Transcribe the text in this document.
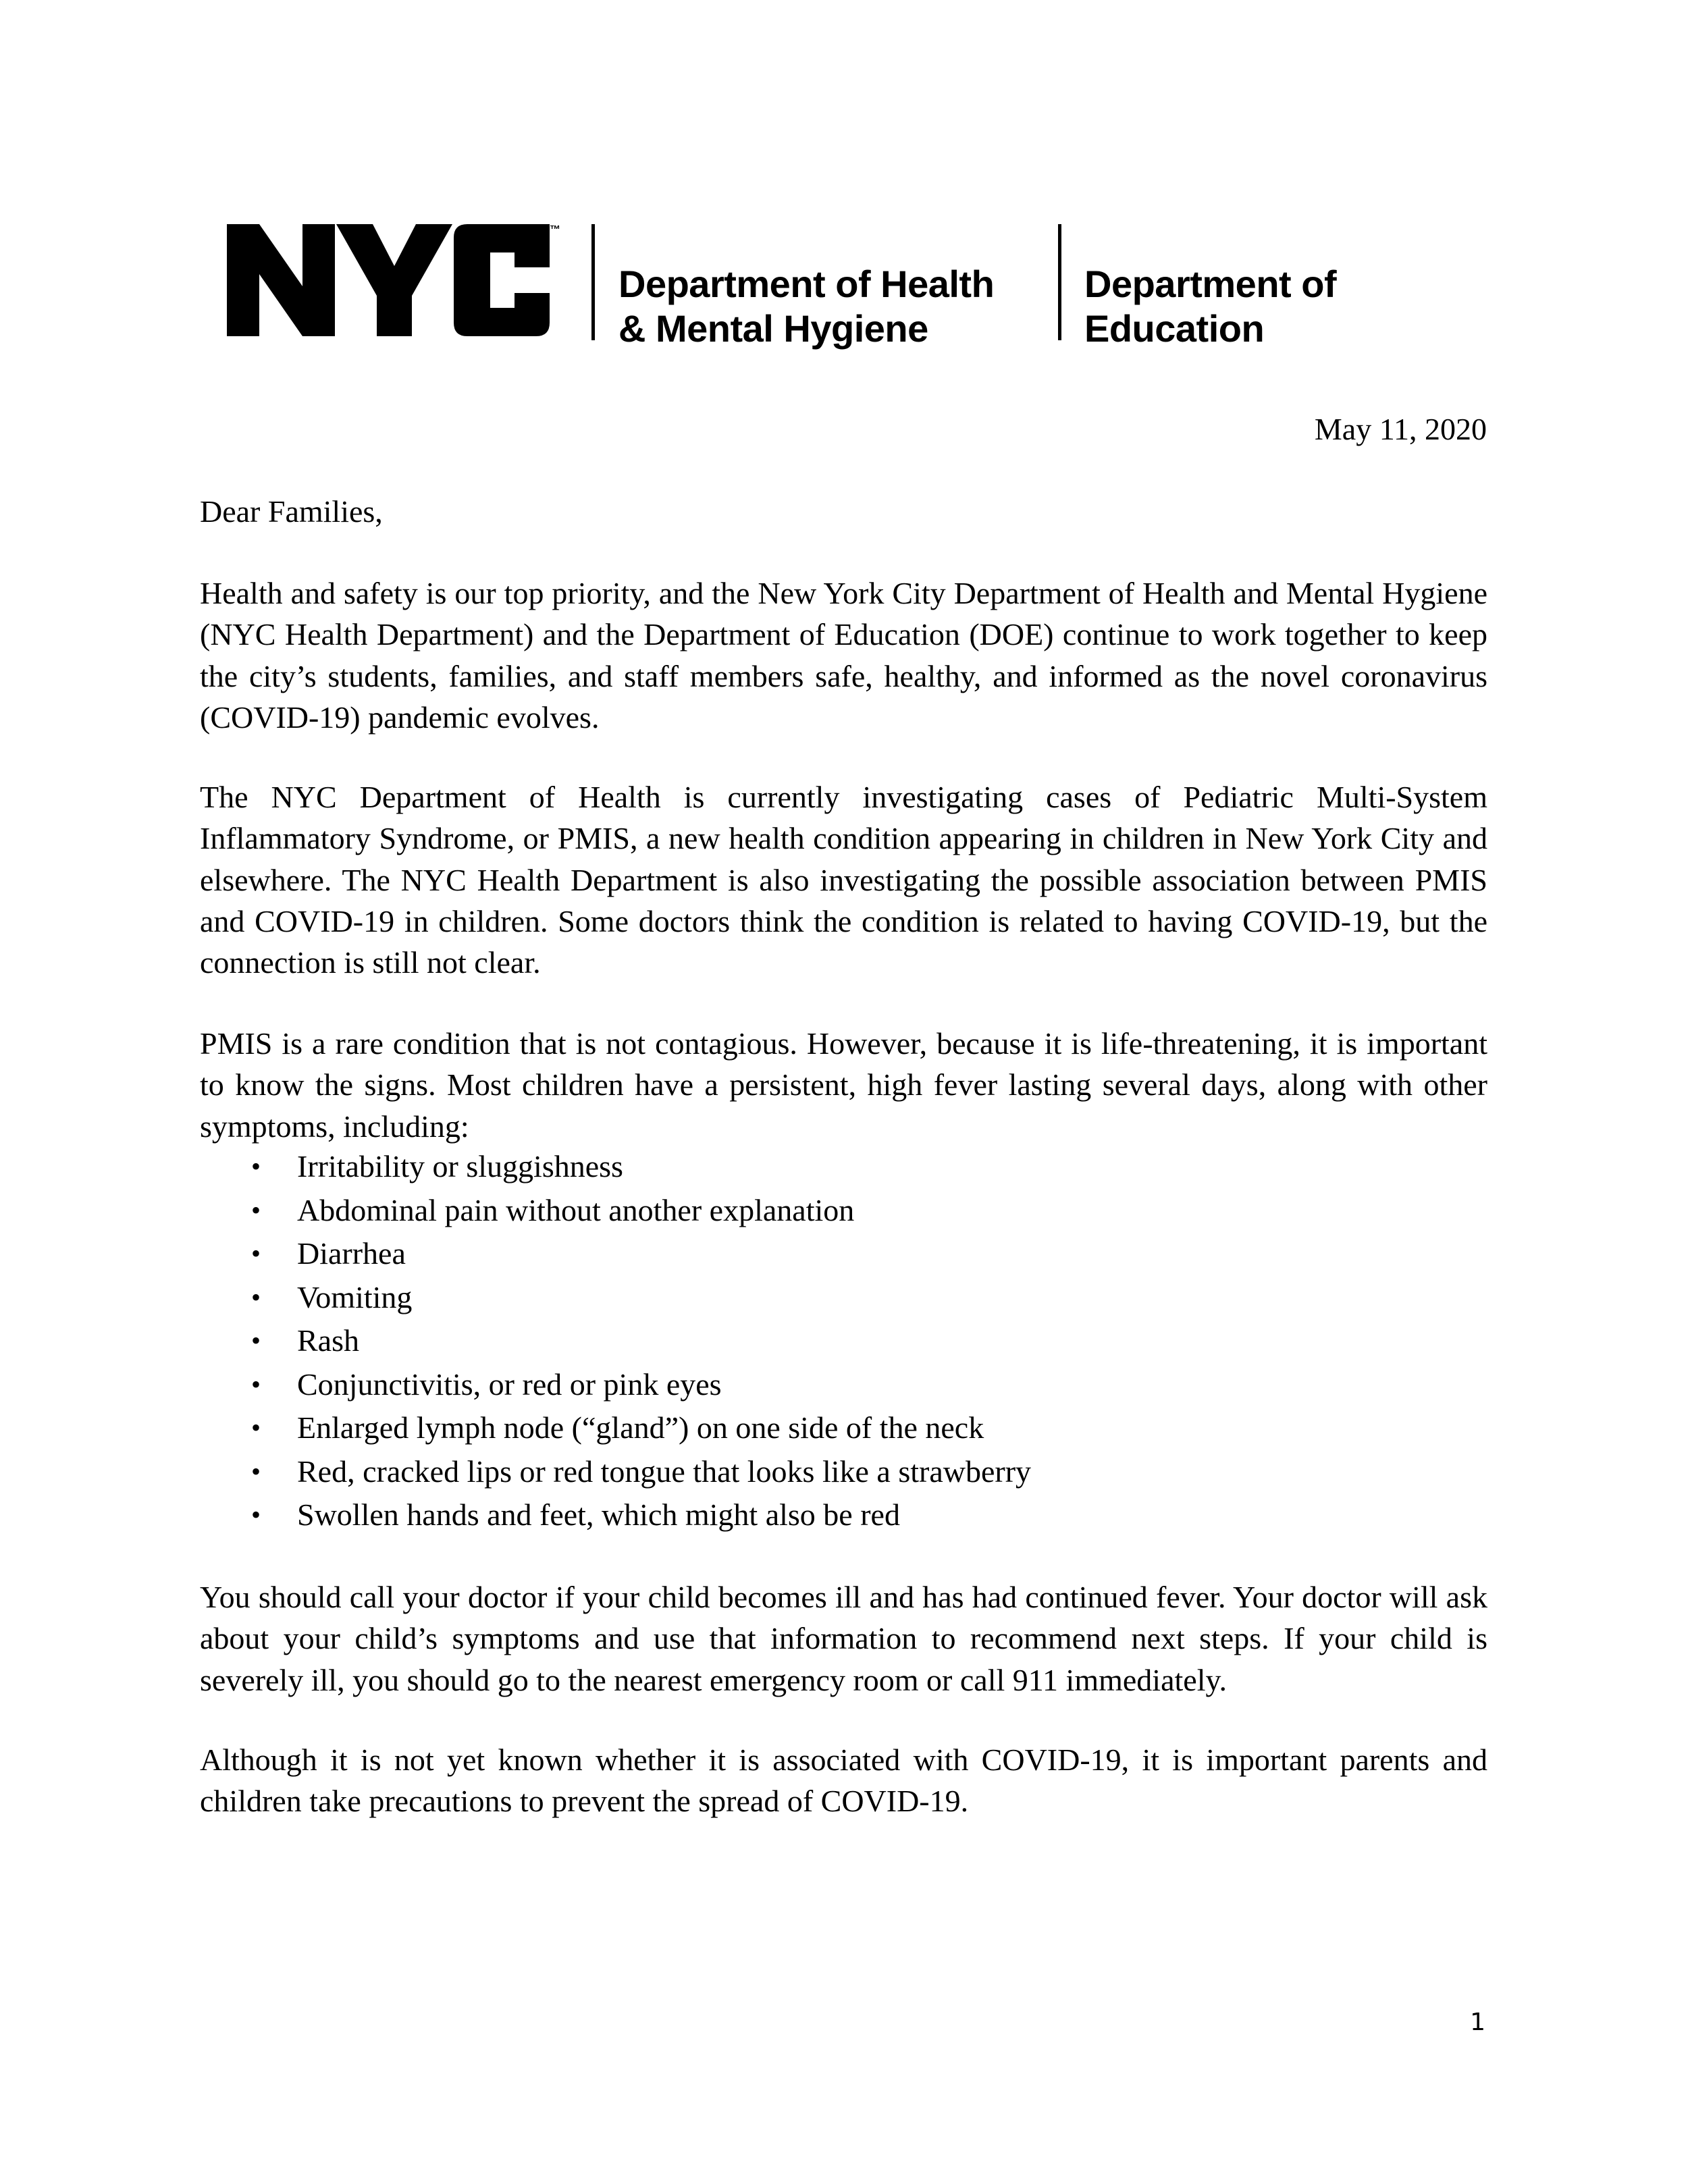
™
Department of Health
& Mental Hygiene
Department of
Education
May 11, 2020
Dear Families,

Health and safety is our top priority, and the New York City Department of Health and Mental Hygiene (NYC Health Department) and the Department of Education (DOE) continue to work together to keep the city’s students, families, and staff members safe, healthy, and informed as the novel coronavirus (COVID-19) pandemic evolves.

The NYC Department of Health is currently investigating cases of Pediatric Multi-System Inflammatory Syndrome, or PMIS, a new health condition appearing in children in New York City and elsewhere. The NYC Health Department is also investigating the possible association between PMIS and COVID-19 in children. Some doctors think the condition is related to having COVID-19, but the connection is still not clear.

PMIS is a rare condition that is not contagious. However, because it is life-threatening, it is important to know the signs. Most children have a persistent, high fever lasting several days, along with other symptoms, including:

• Irritability or sluggishness
• Abdominal pain without another explanation
• Diarrhea
• Vomiting
• Rash
• Conjunctivitis, or red or pink eyes
• Enlarged lymph node (“gland”) on one side of the neck
• Red, cracked lips or red tongue that looks like a strawberry
• Swollen hands and feet, which might also be red

You should call your doctor if your child becomes ill and has had continued fever. Your doctor will ask about your child’s symptoms and use that information to recommend next steps. If your child is severely ill, you should go to the nearest emergency room or call 911 immediately.

Although it is not yet known whether it is associated with COVID-19, it is important parents and children take precautions to prevent the spread of COVID-19.

1
